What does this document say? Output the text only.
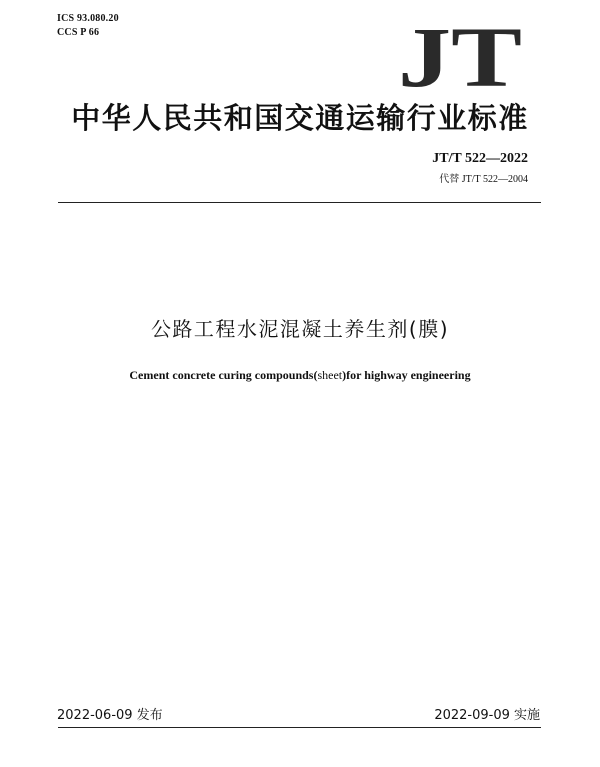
ICS 93.080.20
CCS P 66	JT
中华人民共和国交通运输行业标准
JT/T 522—2022
代替 JT/T 522—2004
公路工程水泥混凝土养生剂(膜)
Cement concrete curing compounds(sheet)for highway engineering
2022-06-09 发布	2022-09-09 实施
